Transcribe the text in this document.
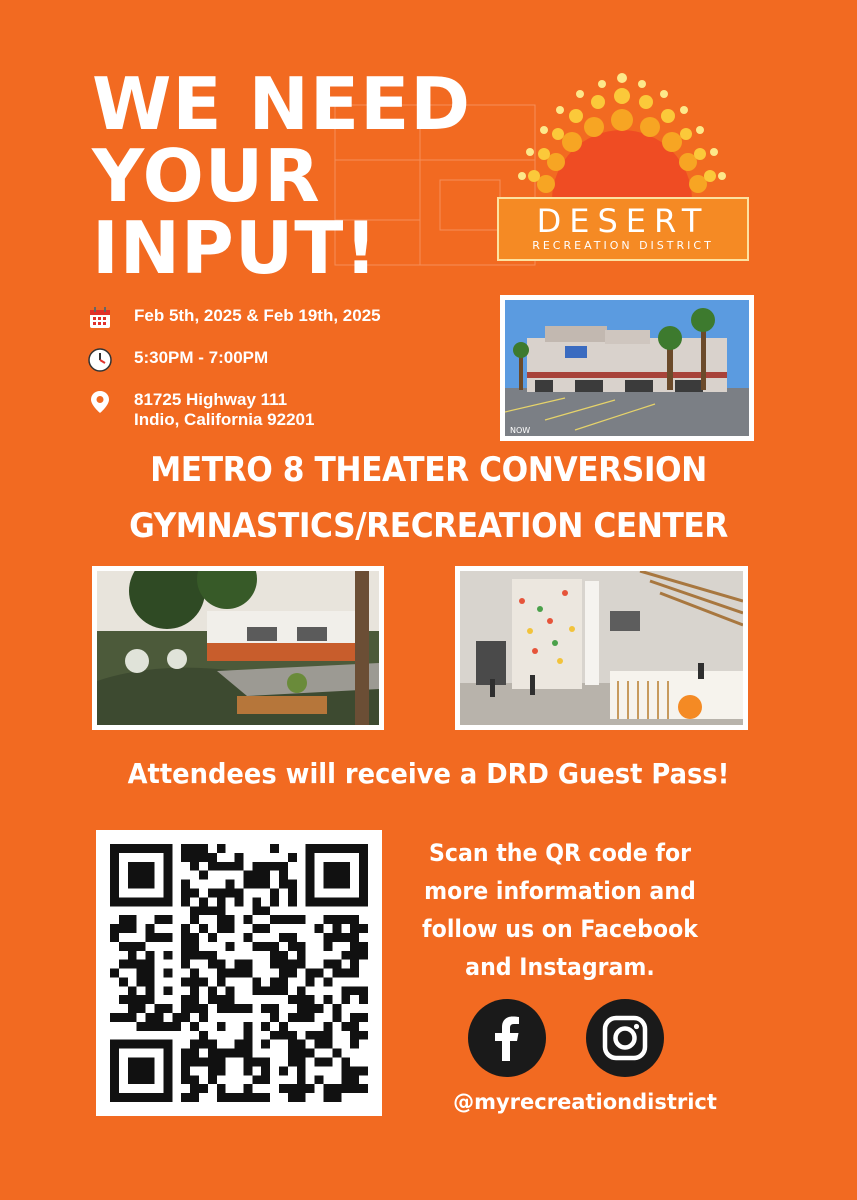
WE NEED
YOUR
INPUT!	DESERT
RECREATION DISTRICT
Feb 5th, 2025 & Feb 19th, 2025
5:30PM - 7:00PM
81725 Highway 111
Indio, California 92201
NOW
METRO 8 THEATER CONVERSION
GYMNASTICS/RECREATION CENTER
Attendees will receive a DRD Guest Pass!
Scan the QR code for
more information and
follow us on Facebook
and Instagram.
@myrecreationdistrict
